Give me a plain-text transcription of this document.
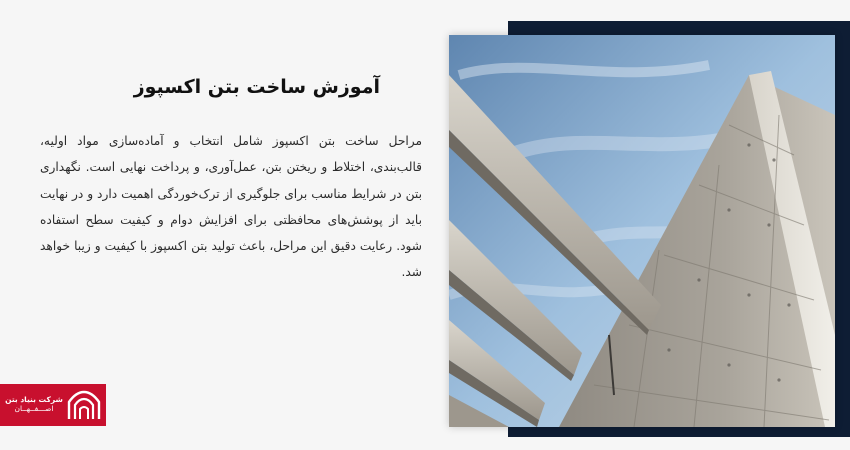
آموزش ساخت بتن اکسپوز

مراحل ساخت بتن اکسپوز شامل انتخاب و آماده‌سازی مواد اولیه، قالب‌بندی، اختلاط و ریختن بتن، عمل‌آوری، و پرداخت نهایی است. نگهداری بتن در شرایط مناسب برای جلوگیری از ترک‌خوردگی اهمیت دارد و در نهایت باید از پوشش‌های محافظتی برای افزایش دوام و کیفیت سطح استفاده شود. رعایت دقیق این مراحل، باعث تولید بتن اکسپوز با کیفیت و زیبا خواهد شد.

شرکت بنیاد بتن
اصـــفــهــان
